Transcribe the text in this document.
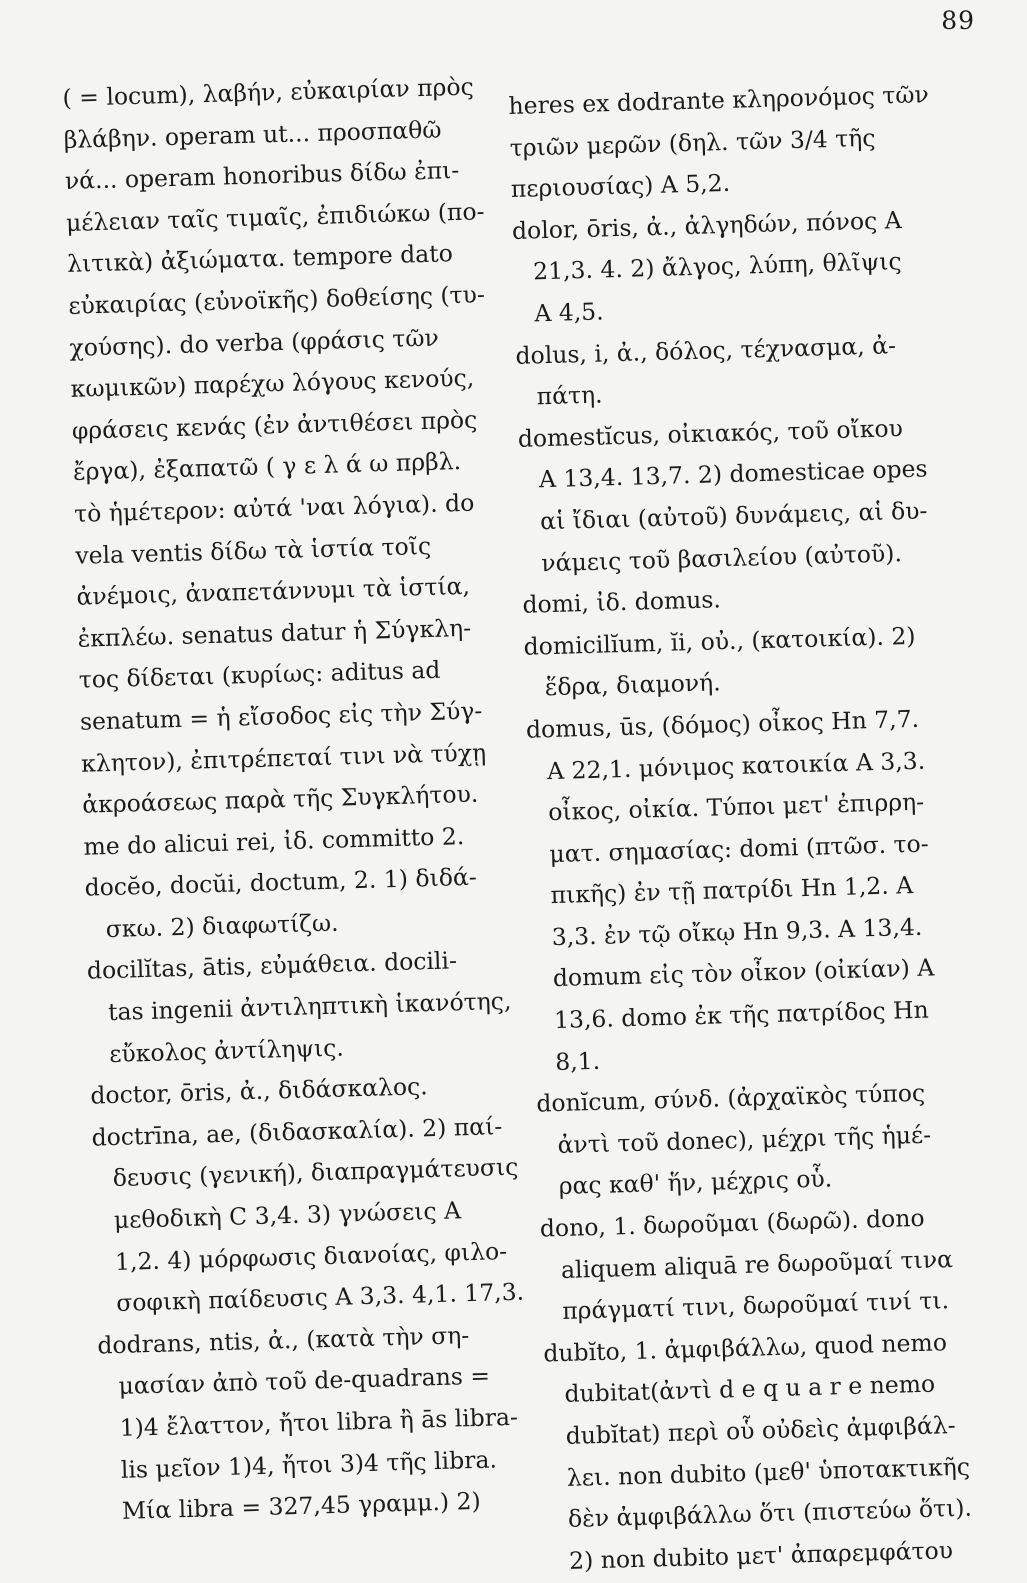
89
( = locum), λαβήν, εὐκαιρίαν πρὸς
βλάβην. operam ut... προσπαθῶ
νά... operam honoribus δίδω ἐπι-
μέλειαν ταῖς τιμαῖς, ἐπιδιώκω (πο-
λιτικὰ) ἀξιώματα. tempore dato
εὐκαιρίας (εὐνοϊκῆς) δοθείσης (τυ-
χούσης). do verba (φράσις τῶν
κωμικῶν) παρέχω λόγους κενούς,
φράσεις κενάς (ἐν ἀντιθέσει πρὸς
ἔργα), ἐξαπατῶ ( γ ε λ ά ω πρβλ.
τὸ ἡμέτερον: αὐτά 'ναι λόγια). do
vela ventis δίδω τὰ ἱστία τοῖς
ἀνέμοις, ἀναπετάννυμι τὰ ἱστία,
ἐκπλέω. senatus datur ἡ Σύγκλη-
τος δίδεται (κυρίως: aditus ad
senatum = ἡ εἴσοδος εἰς τὴν Σύγ-
κλητον), ἐπιτρέπεταί τινι νὰ τύχῃ
ἀκροάσεως παρὰ τῆς Συγκλήτου.
me do alicui rei, ἰδ. committo 2.
docĕo, docŭi, doctum, 2. 1) διδά-
σκω. 2) διαφωτίζω.
docilĭtas, ātis, εὐμάθεια. docili-
tas ingenii ἀντιληπτικὴ ἱκανότης,
εὔκολος ἀντίληψις.
doctor, ōris, ἀ., διδάσκαλος.
doctrīna, ae, (διδασκαλία). 2) παί-
δευσις (γενική), διαπραγμάτευσις
μεθοδικὴ C 3,4. 3) γνώσεις A
1,2. 4) μόρφωσις διανοίας, φιλο-
σοφικὴ παίδευσις A 3,3. 4,1. 17,3.
dodrans, ntis, ἀ., (κατὰ τὴν ση-
μασίαν ἀπὸ τοῦ de-quadrans =
1)4 ἔλαττον, ἤτοι libra ἢ ās libra-
lis μεῖον 1)4, ἤτοι 3)4 τῆς libra.
Μία libra = 327,45 γραμμ.) 2)
heres ex dodrante κληρονόμος τῶν
τριῶν μερῶν (δηλ. τῶν 3/4 τῆς
περιουσίας) A 5,2.
dolor, ōris, ἀ., ἀλγηδών, πόνος A
21,3. 4. 2) ἄλγος, λύπη, θλῖψις
A 4,5.
dolus, i, ἀ., δόλος, τέχνασμα, ἀ-
πάτη.
domestĭcus, οἰκιακός, τοῦ οἴκου
A 13,4. 13,7. 2) domesticae opes
αἱ ἴδιαι (αὐτοῦ) δυνάμεις, αἱ δυ-
νάμεις τοῦ βασιλείου (αὐτοῦ).
domi, ἰδ. domus.
domicilĭum, ĭi, οὐ., (κατοικία). 2)
ἕδρα, διαμονή.
domus, ūs, (δόμος) οἶκος Hn 7,7.
A 22,1. μόνιμος κατοικία A 3,3.
οἶκος, οἰκία. Τύποι μετ' ἐπιρρη-
ματ. σημασίας: domi (πτῶσ. το-
πικῆς) ἐν τῇ πατρίδι Hn 1,2. A
3,3. ἐν τῷ οἴκῳ Hn 9,3. A 13,4.
domum εἰς τὸν οἶκον (οἰκίαν) A
13,6. domo ἐκ τῆς πατρίδος Hn
8,1.
donĭcum, σύνδ. (ἀρχαϊκὸς τύπος
ἀντὶ τοῦ donec), μέχρι τῆς ἡμέ-
ρας καθ' ἥν, μέχρις οὗ.
dono, 1. δωροῦμαι (δωρῶ). dono
aliquem aliquā re δωροῦμαί τινα
πράγματί τινι, δωροῦμαί τινί τι.
dubĭto, 1. ἀμφιβάλλω, quod nemo
dubitat(ἀντὶ d e q u a r e nemo
dubĭtat) περὶ οὗ οὐδεὶς ἀμφιβάλ-
λει. non dubito (μεθ' ὑποτακτικῆς
δὲν ἀμφιβάλλω ὅτι (πιστεύω ὅτι).
2) non dubito μετ' ἀπαρεμφάτου
